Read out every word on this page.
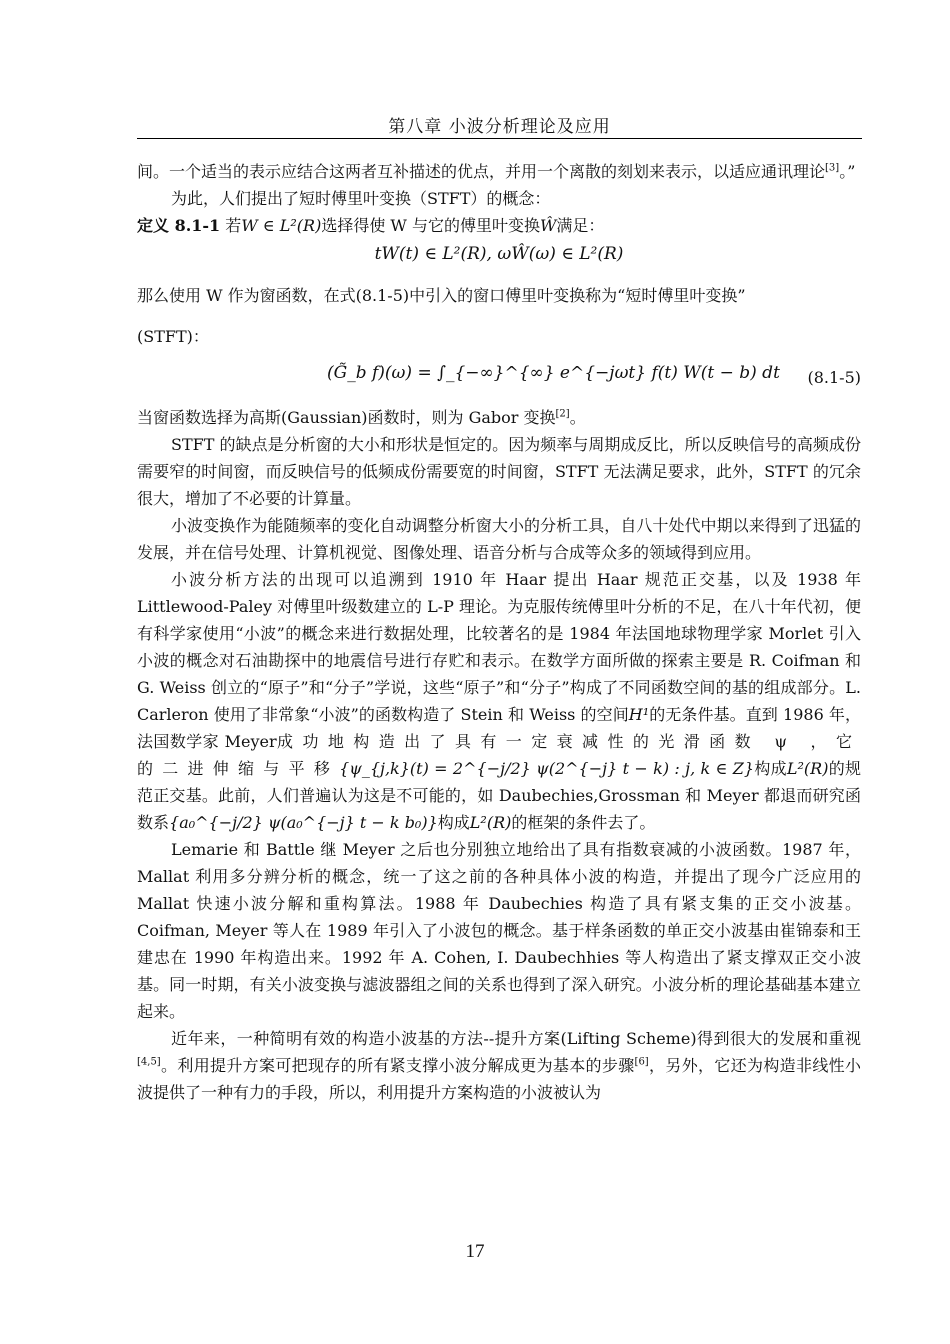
第八章 小波分析理论及应用

间。一个适当的表示应结合这两者互补描述的优点，并用一个离散的刻划来表示，以适应通讯理论[3]。”

为此，人们提出了短时傅里叶变换（STFT）的概念：

定义 8.1-1 若W ∈ L²(R)选择得使 W 与它的傅里叶变换Ŵ满足：

tW(t) ∈ L²(R), ωŴ(ω) ∈ L²(R)

那么使用 W 作为窗函数，在式(8.1-5)中引入的窗口傅里叶变换称为“短时傅里叶变换”

(STFT)：

(G̃_b f)(ω) = ∫_{−∞}^{∞} e^{−jωt} f(t) W(t − b) dt (8.1-5)

当窗函数选择为高斯(Gaussian)函数时，则为 Gabor 变换[2]。

STFT 的缺点是分析窗的大小和形状是恒定的。因为频率与周期成反比，所以反映信号的高频成份需要窄的时间窗，而反映信号的低频成份需要宽的时间窗，STFT 无法满足要求，此外，STFT 的冗余很大，增加了不必要的计算量。

小波变换作为能随频率的变化自动调整分析窗大小的分析工具，自八十处代中期以来得到了迅猛的发展，并在信号处理、计算机视觉、图像处理、语音分析与合成等众多的领域得到应用。

小波分析方法的出现可以追溯到 1910 年 Haar 提出 Haar 规范正交基，以及 1938 年 Littlewood-Paley 对傅里叶级数建立的 L-P 理论。为克服传统傅里叶分析的不足，在八十年代初，便有科学家使用“小波”的概念来进行数据处理，比较著名的是 1984 年法国地球物理学家 Morlet 引入小波的概念对石油勘探中的地震信号进行存贮和表示。在数学方面所做的探索主要是 R. Coifman 和 G. Weiss 创立的“原子”和“分子”学说，这些“原子”和“分子”构成了不同函数空间的基的组成部分。L. Carleron 使用了非常象“小波”的函数构造了 Stein 和 Weiss 的空间H¹的无条件基。直到 1986 年，法国数学家 Meyer成功地构造出了具有一定衰减性的光滑函数 ψ ，它的二进伸缩与平移{ψ_{j,k}(t) = 2^{−j/2} ψ(2^{−j} t − k) : j, k ∈ Z}构成L²(R)的规范正交基。此前，人们普遍认为这是不可能的，如 Daubechies,Grossman 和 Meyer 都退而研究函数系{a₀^{−j/2} ψ(a₀^{−j} t − k b₀)}构成L²(R)的框架的条件去了。

Lemarie 和 Battle 继 Meyer 之后也分别独立地给出了具有指数衰减的小波函数。1987 年，Mallat 利用多分辨分析的概念，统一了这之前的各种具体小波的构造，并提出了现今广泛应用的 Mallat 快速小波分解和重构算法。1988 年 Daubechies 构造了具有紧支集的正交小波基。Coifman, Meyer 等人在 1989 年引入了小波包的概念。基于样条函数的单正交小波基由崔锦泰和王建忠在 1990 年构造出来。1992 年 A. Cohen, I. Daubechhies 等人构造出了紧支撑双正交小波基。同一时期，有关小波变换与滤波器组之间的关系也得到了深入研究。小波分析的理论基础基本建立起来。

近年来，一种简明有效的构造小波基的方法--提升方案(Lifting Scheme)得到很大的发展和重视[4,5]。利用提升方案可把现存的所有紧支撑小波分解成更为基本的步骤[6]，另外，它还为构造非线性小波提供了一种有力的手段，所以，利用提升方案构造的小波被认为

17
